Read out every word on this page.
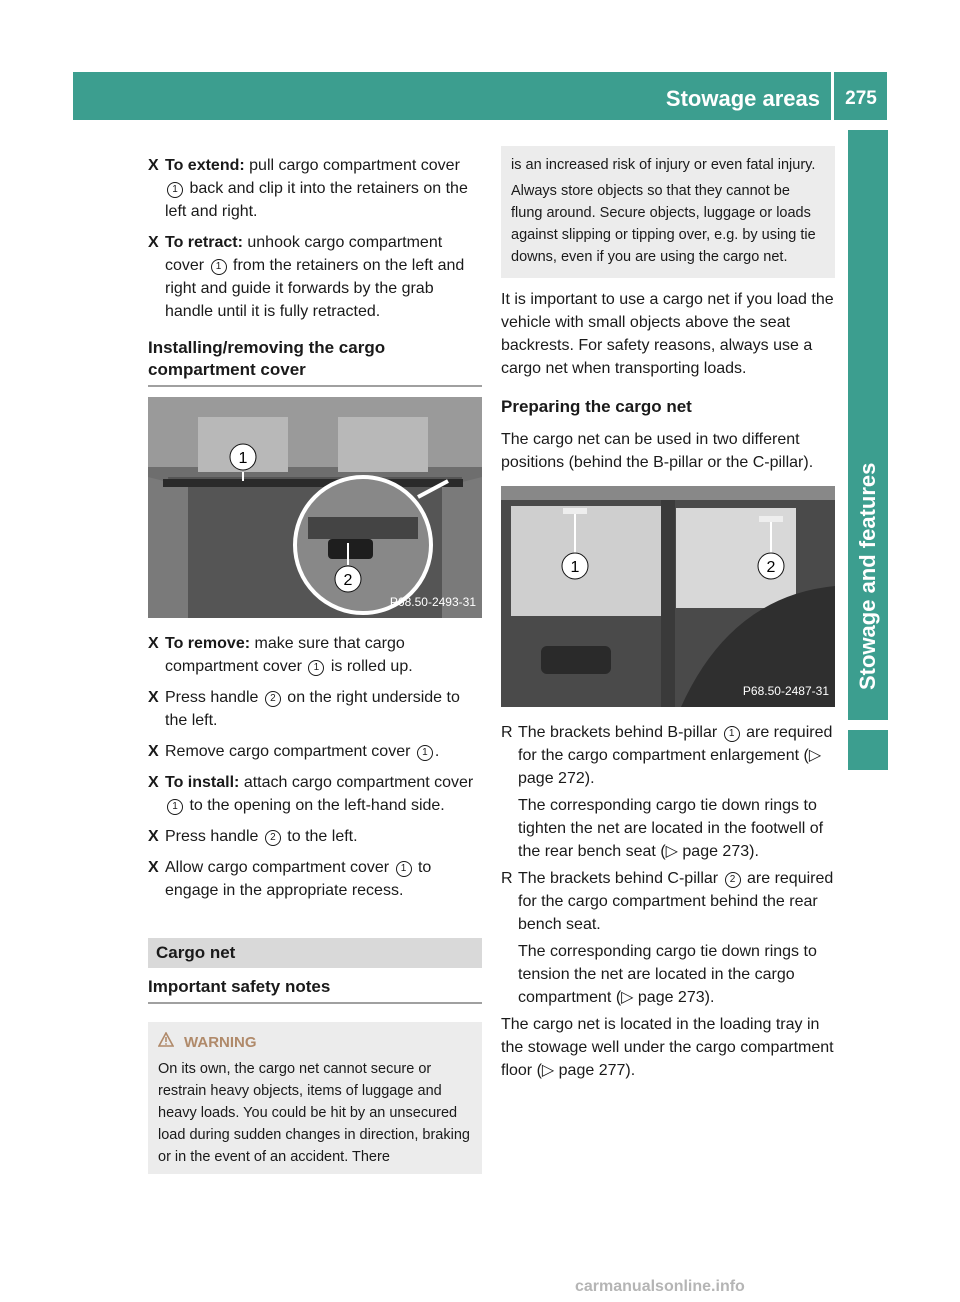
Stowage areas	275
Stowage and features
X To extend: pull cargo compartment cover 1 back and clip it into the retainers on the left and right.
X To retract: unhook cargo compartment cover 1 from the retainers on the left and right and guide it forwards by the grab handle until it is fully retracted.
Installing/removing the cargo compartment cover
1
2
P68.50-2493-31
X To remove: make sure that cargo compartment cover 1 is rolled up.
X Press handle 2 on the right underside to the left.
X Remove cargo compartment cover 1 .
X To install: attach cargo compartment cover 1 to the opening on the left-hand side.
X Press handle 2 to the left.
X Allow cargo compartment cover 1 to engage in the appropriate recess.
Cargo net
Important safety notes
WARNING
On its own, the cargo net cannot secure or restrain heavy objects, items of luggage and heavy loads. You could be hit by an unsecured load during sudden changes in direction, braking or in the event of an accident. There

is an increased risk of injury or even fatal injury.

Always store objects so that they cannot be flung around. Secure objects, luggage or loads against slipping or tipping over, e.g. by using tie downs, even if you are using the cargo net.

It is important to use a cargo net if you load the vehicle with small objects above the seat backrests. For safety reasons, always use a cargo net when transporting loads.

Preparing the cargo net

The cargo net can be used in two different positions (behind the B-pillar or the C-pillar).

1	2
P68.50-2487-31
R The brackets behind B-pillar 1 are required for the cargo compartment enlargement (▷ page 272).

The corresponding cargo tie down rings to tighten the net are located in the footwell of the rear bench seat (▷ page 273).

R The brackets behind C-pillar 2 are required for the cargo compartment behind the rear bench seat.

The corresponding cargo tie down rings to tension the net are located in the cargo compartment (▷ page 273).

The cargo net is located in the loading tray in the stowage well under the cargo compartment floor (▷ page 277).

carmanualsonline.info
